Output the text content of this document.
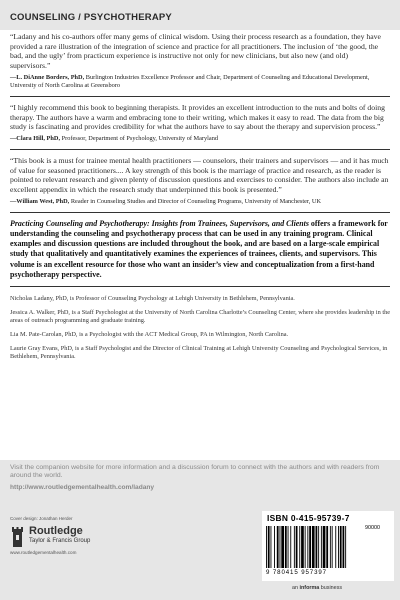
COUNSELING / PSYCHOTHERAPY

“Ladany and his co-authors offer many gems of clinical wisdom. Using their process research as a foundation, they have provided a rare illustration of the integration of science and practice for all practitioners. The inclusion of ‘the good, the bad, and the ugly’ from practicum experience is instructive not only for new clinicians, but also new (and old) supervisors.”

—L. DiAnne Borders, PhD, Burlington Industries Excellence Professor and Chair, Department of Counseling and Educational Development, University of North Carolina at Greensboro

“I highly recommend this book to beginning therapists. It provides an excellent introduction to the nuts and bolts of doing therapy. The authors have a warm and embracing tone to their writing, which makes it easy to read. The data from the big study is fascinating and provides credibility for what the authors have to say about the therapy and supervision process.”

—Clara Hill, PhD, Professor, Department of Psychology, University of Maryland

“This book is a must for trainee mental health practitioners — counselors, their trainers and supervisors — and it has much of value for seasoned practitioners.... A key strength of this book is the marriage of practice and research, as the reader is pointed to relevant research and given plenty of discussion questions and exercises to consider. The authors also include an excellent appendix in which the research study that underpinned this book is presented.”

—William West, PhD, Reader in Counseling Studies and Director of Counseling Programs, University of Manchester, UK

Practicing Counseling and Psychotherapy: Insights from Trainees, Supervisors, and Clients offers a framework for understanding the counseling and psychotherapy process that can be used in any training program. Clinical examples and discussion questions are included throughout the book, and are based on a large-scale empirical study that qualitatively and quantitatively examines the experiences of trainees, clients, and supervisors. This volume is an excellent resource for those who want an insider’s view and conceptualization from a first-hand psychotherapy perspective.

Nicholas Ladany, PhD, is Professor of Counseling Psychology at Lehigh University in Bethlehem, Pennsylvania.

Jessica A. Walker, PhD, is a Staff Psychologist at the University of North Carolina Charlotte’s Counseling Center, where she provides leadership in the areas of outreach programming and graduate training.

Lia M. Pate-Carolan, PhD, is a Psychologist with the ACT Medical Group, PA in Wilmington, North Carolina.

Laurie Gray Evans, PhD, is a Staff Psychologist and the Director of Clinical Training at Lehigh University Counseling and Psychological Services, in Bethlehem, Pennsylvania.

Visit the companion website for more information and a discussion forum to connect with the authors and with readers from around the world.

http://www.routledgementalhealth.com/ladany
Cover design: Jonathan Herder
Routledge
Taylor & Francis Group
www.routledgementalhealth.com
ISBN 0-415-95739-7
90000
9 780415 957397
an informa business
